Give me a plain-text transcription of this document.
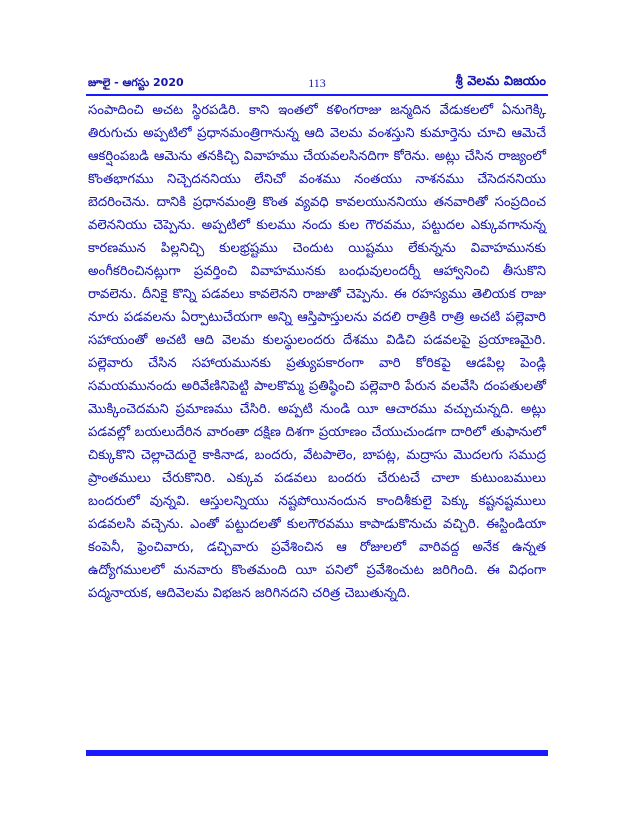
జూలై - ఆగస్టు 2020	113	శ్రీ వెలమ విజయం

సంపాదించి అచట స్థిరపడిరి. కాని ఇంతలో కళింగరాజు జన్మదిన వేడుకలలో ఏనుగెక్కి తిరుగుచు అప్పటిలో ప్రధానమంత్రిగానున్న ఆది వెలమ వంశస్తుని కుమార్తెను చూచి ఆమెచే ఆకర్షింపబడి ఆమెను తనకిచ్చి వివాహము చేయవలసినదిగా కోరెను. అట్లు చేసిన రాజ్యంలో కొంతభాగము నిచ్చెదననియు లేనిచో వంశము నంతయు నాశనము చేసెదననియు బెదరించెను. దానికి ప్రధానమంత్రి కొంత వ్యవధి కావలయుననియు తనవారితో సంప్రదించ వలెననియు చెప్పెను. అప్పటిలో కులము నందు కుల గౌరవము, పట్టుదల ఎక్కువగానున్న కారణమున పిల్లనిచ్చి కులభ్రష్టము చెందుట యిష్టము లేకున్నను వివాహమునకు అంగీకరించినట్లుగా ప్రవర్తించి వివాహమునకు బంధువులందర్నీ ఆహ్వానించి తీసుకొని రావలెను. దీనికై కొన్ని పడవలు కావలెనని రాజుతో చెప్పెను. ఈ రహస్యము తెలియక రాజు నూరు పడవలను ఏర్పాటుచేయగా అన్ని ఆస్తిపాస్తులను వదలి రాత్రికి రాత్రి అచటి పల్లెవారి సహాయంతో అచటి ఆది వెలమ కులస్థులందరు దేశము విడిచి పడవలపై ప్రయాణమైరి. పల్లెవారు చేసిన సహాయమునకు ప్రత్యుపకారంగా వారి కోరికపై ఆడపిల్ల పెండ్లి సమయమునందు అరివేణినిపెట్టి పాలకొమ్మ ప్రతిష్ఠించి పల్లెవారి పేరున వలవేసి దంపతులతో మొక్కించెదమని ప్రమాణము చేసిరి. అప్పటి నుండి యీ ఆచారము వచ్చుచున్నది. అట్లు పడవల్లో బయలుదేరిన వారంతా దక్షిణ దిశగా ప్రయాణం చేయుచుండగా దారిలో తుఫానులో చిక్కుకొని చెల్లాచెదురై కాకినాడ, బందరు, వేటపాలెం, బాపట్ల, మద్రాసు మొదలగు సముద్ర ప్రాంతములు చేరుకొనిరి. ఎక్కువ పడవలు బందరు చేరుటచే చాలా కుటుంబములు బందరులో వున్నవి. ఆస్తులన్నియు నష్టపోయినందున కాందిశీకులై పెక్కు కష్టనష్టములు పడవలసి వచ్చెను. ఎంతో పట్టుదలతో కులగౌరవము కాపాడుకొనుచు వచ్చిరి. ఈస్టిండియా కంపెనీ, ఫ్రెంచివారు, డచ్చివారు ప్రవేశించిన ఆ రోజులలో వారివద్ద అనేక ఉన్నత ఉద్యోగములలో మనవారు కొంతమంది యీ పనిలో ప్రవేశించుట జరిగింది. ఈ విధంగా పద్మనాయక, ఆదివెలమ విభజన జరిగినదని చరిత్ర చెబుతున్నది.
